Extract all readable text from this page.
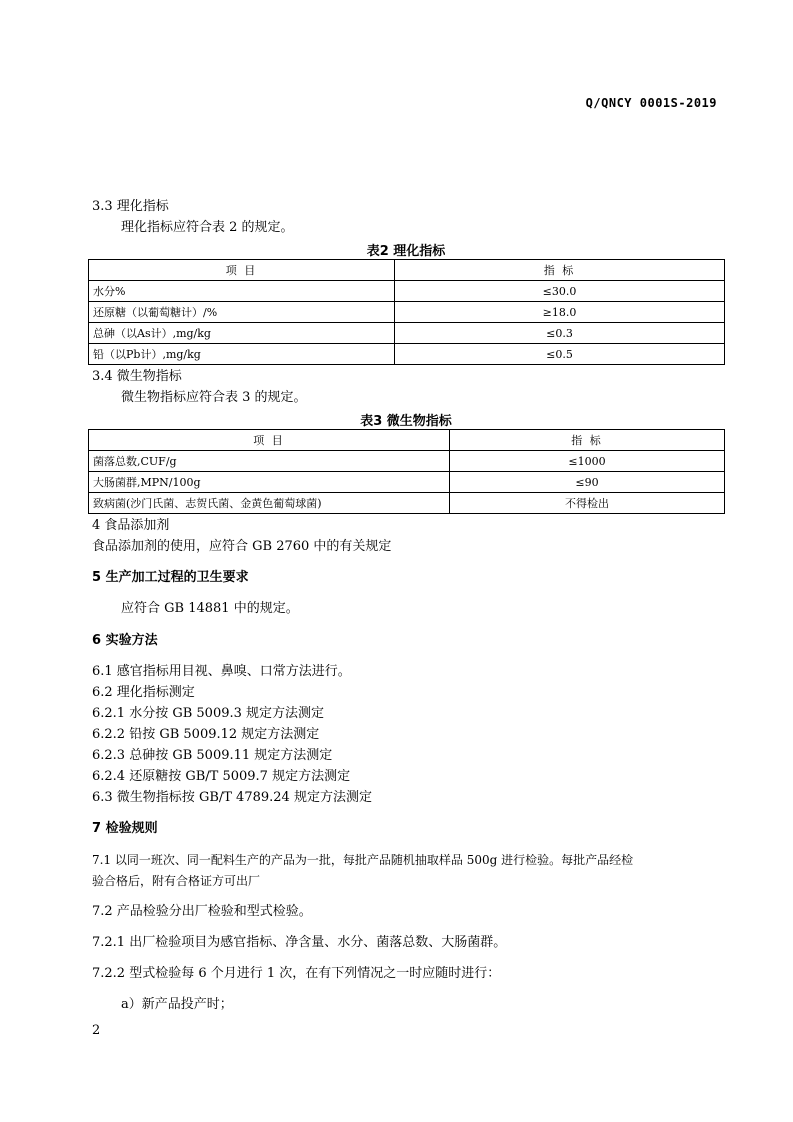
Q/QNCY 0001S-2019
3.3 理化指标
理化指标应符合表 2 的规定。
表2 理化指标
项 目	指 标
水分%	≤30.0
还原糖（以葡萄糖计）/%	≥18.0
总砷（以As计）,mg/kg	≤0.3
铅（以Pb计）,mg/kg	≤0.5
3.4 微生物指标
微生物指标应符合表 3 的规定。
表3 微生物指标
项 目	指 标
菌落总数,CUF/g	≤1000
大肠菌群,MPN/100g	≤90
致病菌(沙门氏菌、志贺氏菌、金黄色葡萄球菌)	不得检出
4 食品添加剂
食品添加剂的使用，应符合 GB 2760 中的有关规定
5 生产加工过程的卫生要求
应符合 GB 14881 中的规定。
6 实验方法
6.1 感官指标用目视、鼻嗅、口常方法进行。
6.2 理化指标测定
6.2.1 水分按 GB 5009.3 规定方法测定
6.2.2 铅按 GB 5009.12 规定方法测定
6.2.3 总砷按 GB 5009.11 规定方法测定
6.2.4 还原糖按 GB/T 5009.7 规定方法测定
6.3 微生物指标按 GB/T 4789.24 规定方法测定
7 检验规则
7.1 以同一班次、同一配料生产的产品为一批，每批产品随机抽取样品 500g 进行检验。每批产品经检
验合格后，附有合格证方可出厂
7.2 产品检验分出厂检验和型式检验。
7.2.1 出厂检验项目为感官指标、净含量、水分、菌落总数、大肠菌群。
7.2.2 型式检验每 6 个月进行 1 次，在有下列情况之一时应随时进行：
a）新产品投产时；
2
